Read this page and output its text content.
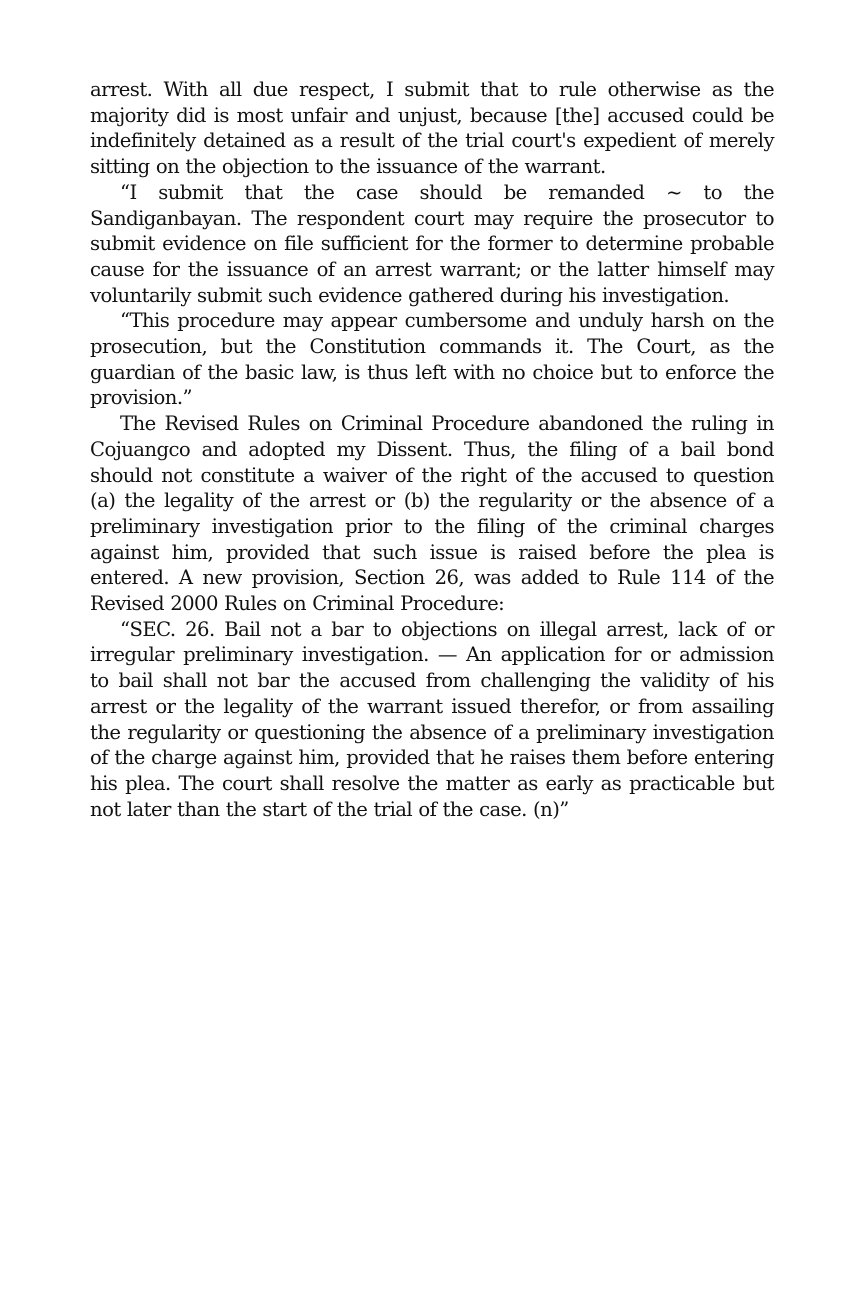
arrest. With all due respect, I submit that to rule otherwise as the majority did is most unfair and unjust, because [the] accused could be indefinitely detained as a result of the trial court's expedient of merely sitting on the objection to the issuance of the warrant.

“I submit that the case should be remanded ~ to the Sandiganbayan. The respondent court may require the prosecutor to submit evidence on file sufficient for the former to determine probable cause for the issuance of an arrest warrant; or the latter himself may voluntarily submit such evidence gathered during his investigation.

“This procedure may appear cumbersome and unduly harsh on the prosecution, but the Constitution commands it. The Court, as the guardian of the basic law, is thus left with no choice but to enforce the provision.”

The Revised Rules on Criminal Procedure abandoned the ruling in Cojuangco and adopted my Dissent. Thus, the filing of a bail bond should not constitute a waiver of the right of the accused to question (a) the legality of the arrest or (b) the regularity or the absence of a preliminary investigation prior to the filing of the criminal charges against him, provided that such issue is raised before the plea is entered. A new provision, Section 26, was added to Rule 114 of the Revised 2000 Rules on Criminal Procedure:

“SEC. 26. Bail not a bar to objections on illegal arrest, lack of or irregular preliminary investigation. — An application for or admission to bail shall not bar the accused from challenging the validity of his arrest or the legality of the warrant issued therefor, or from assailing the regularity or questioning the absence of a preliminary investigation of the charge against him, provided that he raises them before entering his plea. The court shall resolve the matter as early as practicable but not later than the start of the trial of the case. (n)”
